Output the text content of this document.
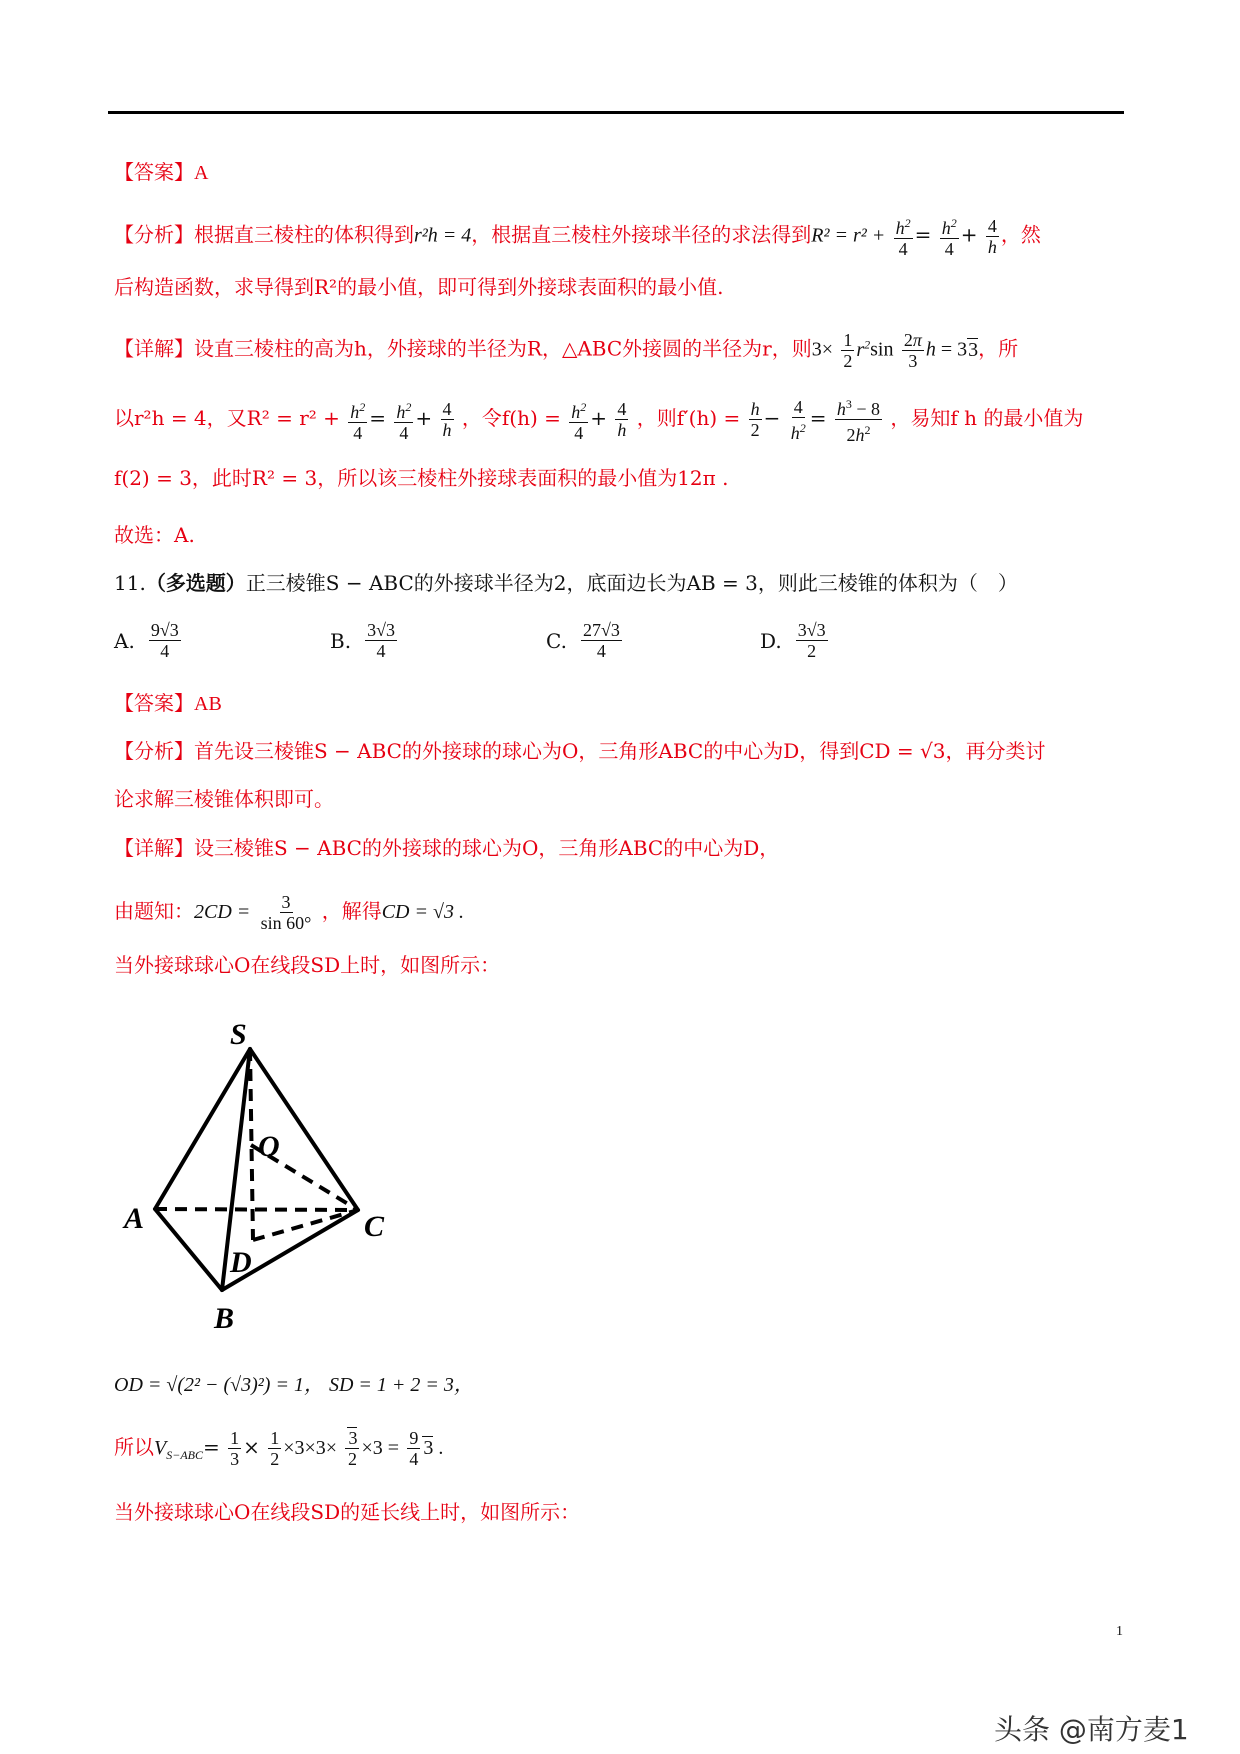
【答案】A
【分析】根据直三棱柱的体积得到r²h = 4，根据直三棱柱外接球半径的求法得到$R^2 = r^2 + \frac{h^2}{4} = \frac{h^2}{4} + \frac{4}{h}$ ，然
后构造函数，求导得到R²的最小值，即可得到外接球表面积的最小值.
【详解】设直三棱柱的高为h，外接球的半径为R，△ABC外接圆的半径为r，则$3\times \frac{1}{2} r^2\sin \frac{2\pi}{3}$ h = 33，所
以r²h = 4，又$R^2 = r^2 + \frac{h^2}{4} = \frac{h^2}{4} + \frac{4}{h}$ ，令$f(h) = \frac{h^2}{4} + \frac{4}{h}$ ，则$f'(h) = \frac{h}{2} - \frac{4}{h^2} = \frac{h^3 - 8}{2h^2}$ ，易知f h 的最小值为
f(2) = 3，此时R² = 3，所以该三棱柱外接球表面积的最小值为12π .
故选：A.
11.（多选题）正三棱锥S − ABC的外接球半径为2，底面边长为AB = 3，则此三棱锥的体积为（　）
A. $\frac{9√3}{4}$	B. $\frac{3√3}{4}$	C. $\frac{27√3}{4}$	D. $\frac{3√3}{2}$
【答案】AB
【分析】首先设三棱锥S − ABC的外接球的球心为O，三角形ABC的中心为D，得到CD = √3，再分类讨
论求解三棱锥体积即可。
【详解】设三棱锥S − ABC的外接球的球心为O，三角形ABC的中心为D，
由题知：$2CD = \frac{3}{\sin 60^\circ}$ ，解得CD = √3 .
当外接球球心O在线段SD上时，如图所示：
S
O
A	C
D
B
OD = √(2² − (√3)²) = 1， SD = 1 + 2 = 3，
所以$V_{S-ABC}= \frac{1}{3} \times \frac{1}{2} \times 3\times 3\times \frac{3}{2} \times 3 = \frac{9}{4} 3$ .
当外接球球心O在线段SD的延长线上时，如图所示：
1
头条 @南方麦1
